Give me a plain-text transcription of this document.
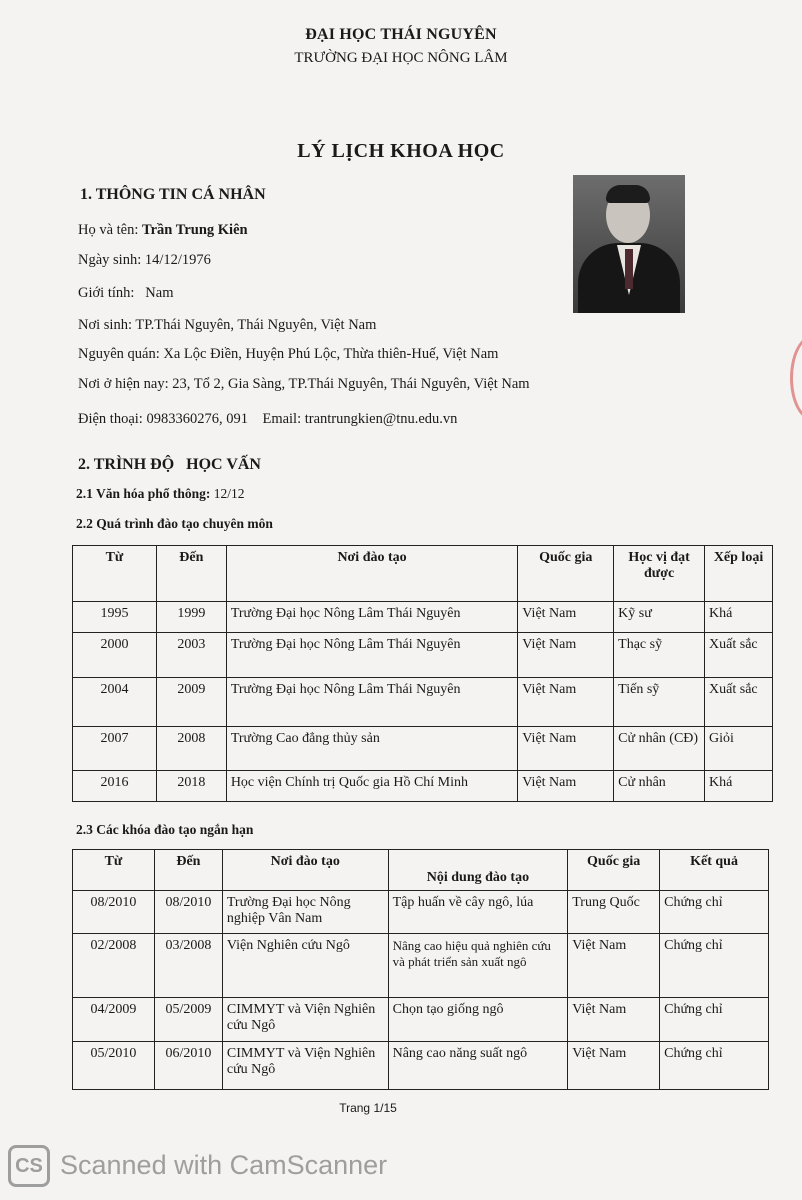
ĐẠI HỌC THÁI NGUYÊN
TRƯỜNG ĐẠI HỌC NÔNG LÂM
LÝ LỊCH KHOA HỌC
1. THÔNG TIN CÁ NHÂN
Họ và tên: Trần Trung Kiên
Ngày sinh: 14/12/1976
Giới tính: Nam
Nơi sinh: TP.Thái Nguyên, Thái Nguyên, Việt Nam
Nguyên quán: Xa Lộc Điền, Huyện Phú Lộc, Thừa thiên-Huế, Việt Nam
Nơi ở hiện nay: 23, Tổ 2, Gia Sàng, TP.Thái Nguyên, Thái Nguyên, Việt Nam
Điện thoại: 0983360276, 091    Email: trantrungkien@tnu.edu.vn
2. TRÌNH ĐỘ   HỌC VẤN
2.1 Văn hóa phổ thông: 12/12
2.2 Quá trình đào tạo chuyên môn
Từ	Đến	Nơi đào tạo	Quốc gia	Học vị đạt được	Xếp loại
1995	1999	Trường Đại học Nông Lâm Thái Nguyên	Việt Nam	Kỹ sư	Khá
2000	2003	Trường Đại học Nông Lâm Thái Nguyên	Việt Nam	Thạc sỹ	Xuất sắc
2004	2009	Trường Đại học Nông Lâm Thái Nguyên	Việt Nam	Tiến sỹ	Xuất sắc
2007	2008	Trường Cao đẳng thủy sản	Việt Nam	Cử nhân (CĐ)	Giỏi
2016	2018	Học viện Chính trị Quốc gia Hồ Chí Minh	Việt Nam	Cử nhân	Khá
2.3 Các khóa đào tạo ngắn hạn
Từ	Đến	Nơi đào tạo	Nội dung đào tạo	Quốc gia	Kết quả
08/2010	08/2010	Trường Đại học Nông nghiệp Vân Nam	Tập huấn về cây ngô, lúa	Trung Quốc	Chứng chỉ
02/2008	03/2008	Viện Nghiên cứu Ngô	Nâng cao hiệu quả nghiên cứu và phát triển sản xuất ngô	Việt Nam	Chứng chỉ
04/2009	05/2009	CIMMYT và Viện Nghiên cứu Ngô	Chọn tạo giống ngô	Việt Nam	Chứng chỉ
05/2010	06/2010	CIMMYT và Viện Nghiên cứu Ngô	Nâng cao năng suất ngô	Việt Nam	Chứng chỉ
Trang 1/15
CS Scanned with CamScanner
